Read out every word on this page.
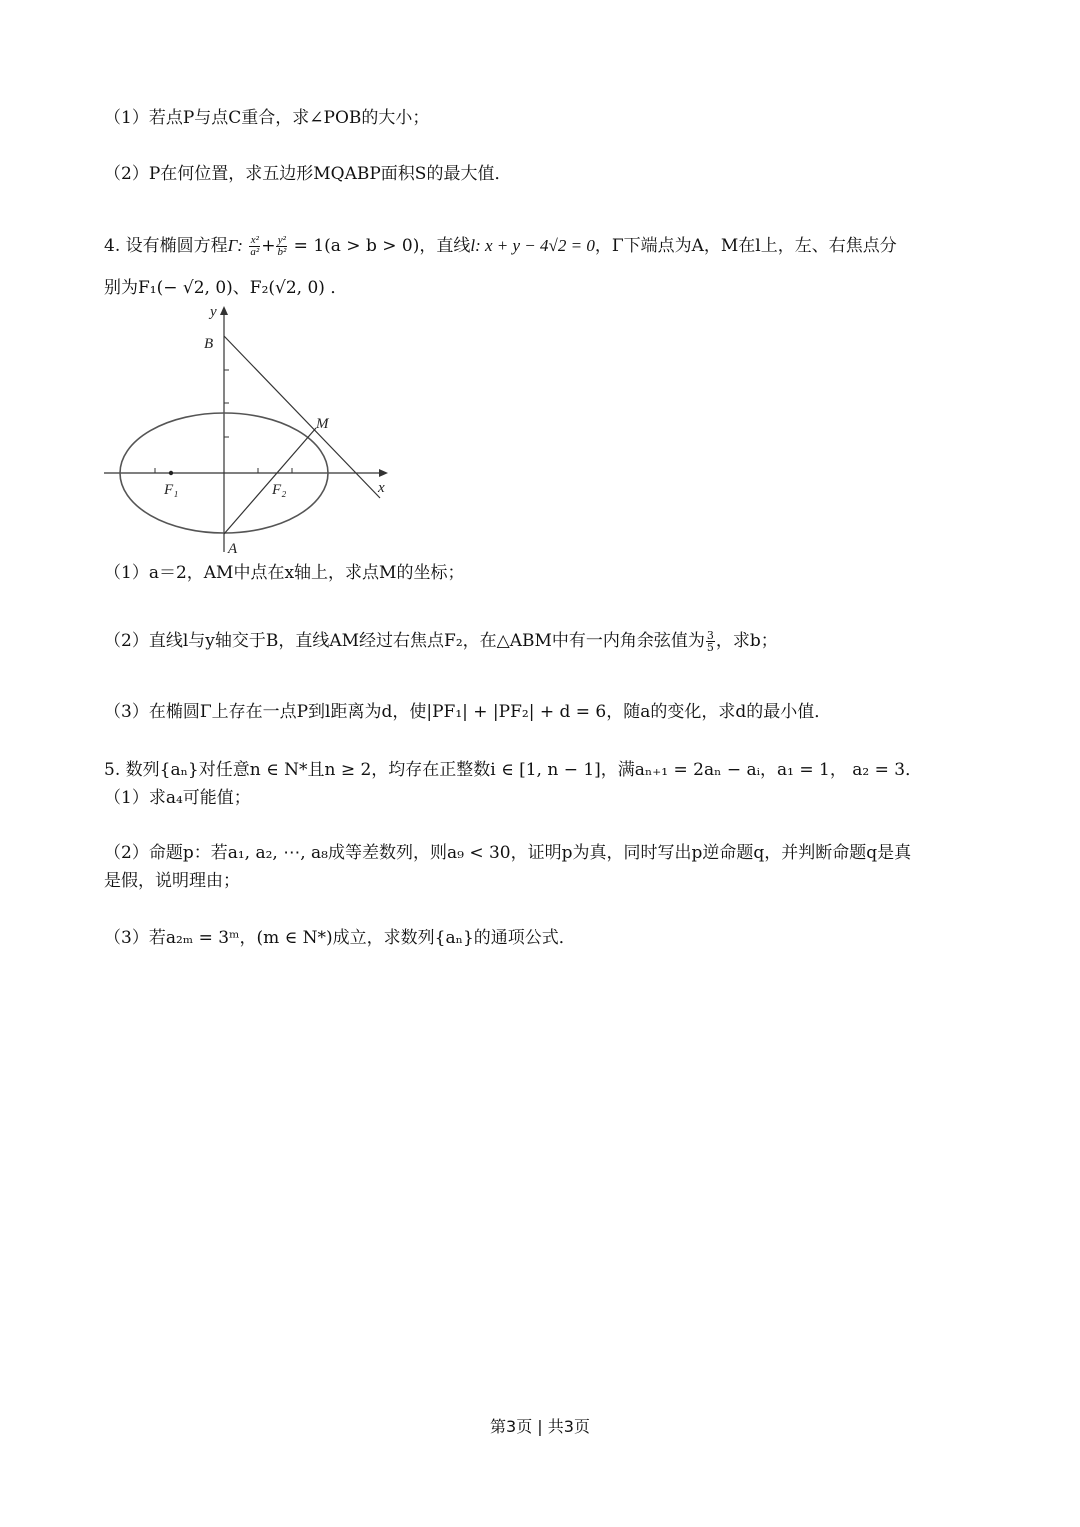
（1）若点P与点C重合，求∠POB的大小；
（2）P在何位置，求五边形MQABP面积S的最大值．
4. 设有椭圆方程Γ: $\frac{\text{x²}}{\text{a²}} + \frac{\text{y²}}{\text{b²}} = 1(a > b > 0)$，直线l: x + y − 4√2 = 0，Γ下端点为A，M在l上，左、右焦点分
别为F₁(− √2, 0)、F₂(√2, 0) ．
y
x
B
M
F₁	F₂
A
（1）a＝2，AM中点在x轴上，求点M的坐标；
（2）直线l与y轴交于B，直线AM经过右焦点F₂，在△ABM中有一内角余弦值为 $\frac{3}{5}$ ，求b；
（3）在椭圆Γ上存在一点P到l距离为d，使|PF₁| + |PF₂| + d = 6，随a的变化，求d的最小值．
5. 数列{aₙ}对任意n ∈ N*且n ≥ 2，均存在正整数i ∈ [1, n − 1]，满aₙ₊₁ = 2aₙ − aᵢ，a₁ = 1， a₂ = 3．
（1）求a₄可能值；
（2）命题p：若a₁, a₂, ⋯, a₈成等差数列，则a₉ < 30，证明p为真，同时写出p逆命题q，并判断命题q是真
是假，说明理由；
（3）若a₂ₘ = 3ᵐ，(m ∈ N*)成立，求数列{aₙ}的通项公式．
第3页 | 共3页
